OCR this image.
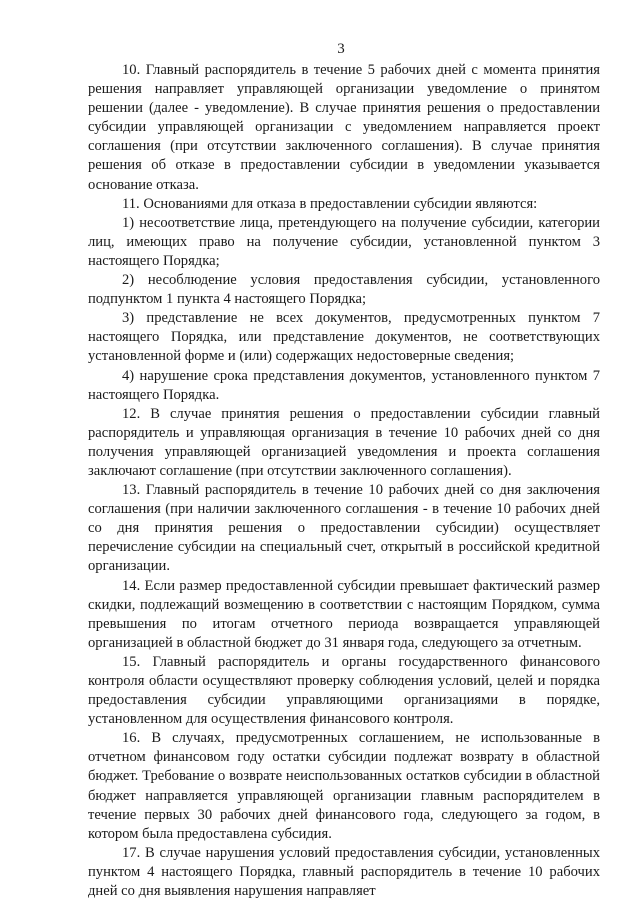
3

10. Главный распорядитель в течение 5 рабочих дней с момента принятия решения направляет управляющей организации уведомление о принятом решении (далее - уведомление). В случае принятия решения о предоставлении субсидии управляющей организации с уведомлением направляется проект соглашения (при отсутствии заключенного соглашения). В случае принятия решения об отказе в предоставлении субсидии в уведомлении указывается основание отказа.

11. Основаниями для отказа в предоставлении субсидии являются:

1) несоответствие лица, претендующего на получение субсидии, категории лиц, имеющих право на получение субсидии, установленной пунктом 3 настоящего Порядка;

2) несоблюдение условия предоставления субсидии, установленного подпунктом 1 пункта 4 настоящего Порядка;

3) представление не всех документов, предусмотренных пунктом 7 настоящего Порядка, или представление документов, не соответствующих установленной форме и (или) содержащих недостоверные сведения;

4) нарушение срока представления документов, установленного пунктом 7 настоящего Порядка.

12. В случае принятия решения о предоставлении субсидии главный распорядитель и управляющая организация в течение 10 рабочих дней со дня получения управляющей организацией уведомления и проекта соглашения заключают соглашение (при отсутствии заключенного соглашения).

13. Главный распорядитель в течение 10 рабочих дней со дня заключения соглашения (при наличии заключенного соглашения - в течение 10 рабочих дней со дня принятия решения о предоставлении субсидии) осуществляет перечисление субсидии на специальный счет, открытый в российской кредитной организации.

14. Если размер предоставленной субсидии превышает фактический размер скидки, подлежащий возмещению в соответствии с настоящим Порядком, сумма превышения по итогам отчетного периода возвращается управляющей организацией в областной бюджет до 31 января года, следующего за отчетным.

15. Главный распорядитель и органы государственного финансового контроля области осуществляют проверку соблюдения условий, целей и порядка предоставления субсидии управляющими организациями в порядке, установленном для осуществления финансового контроля.

16. В случаях, предусмотренных соглашением, не использованные в отчетном финансовом году остатки субсидии подлежат возврату в областной бюджет. Требование о возврате неиспользованных остатков субсидии в областной бюджет направляется управляющей организации главным распорядителем в течение первых 30 рабочих дней финансового года, следующего за годом, в котором была предоставлена субсидия.

17. В случае нарушения условий предоставления субсидии, установленных пунктом 4 настоящего Порядка, главный распорядитель в течение 10 рабочих дней со дня выявления нарушения направляет
